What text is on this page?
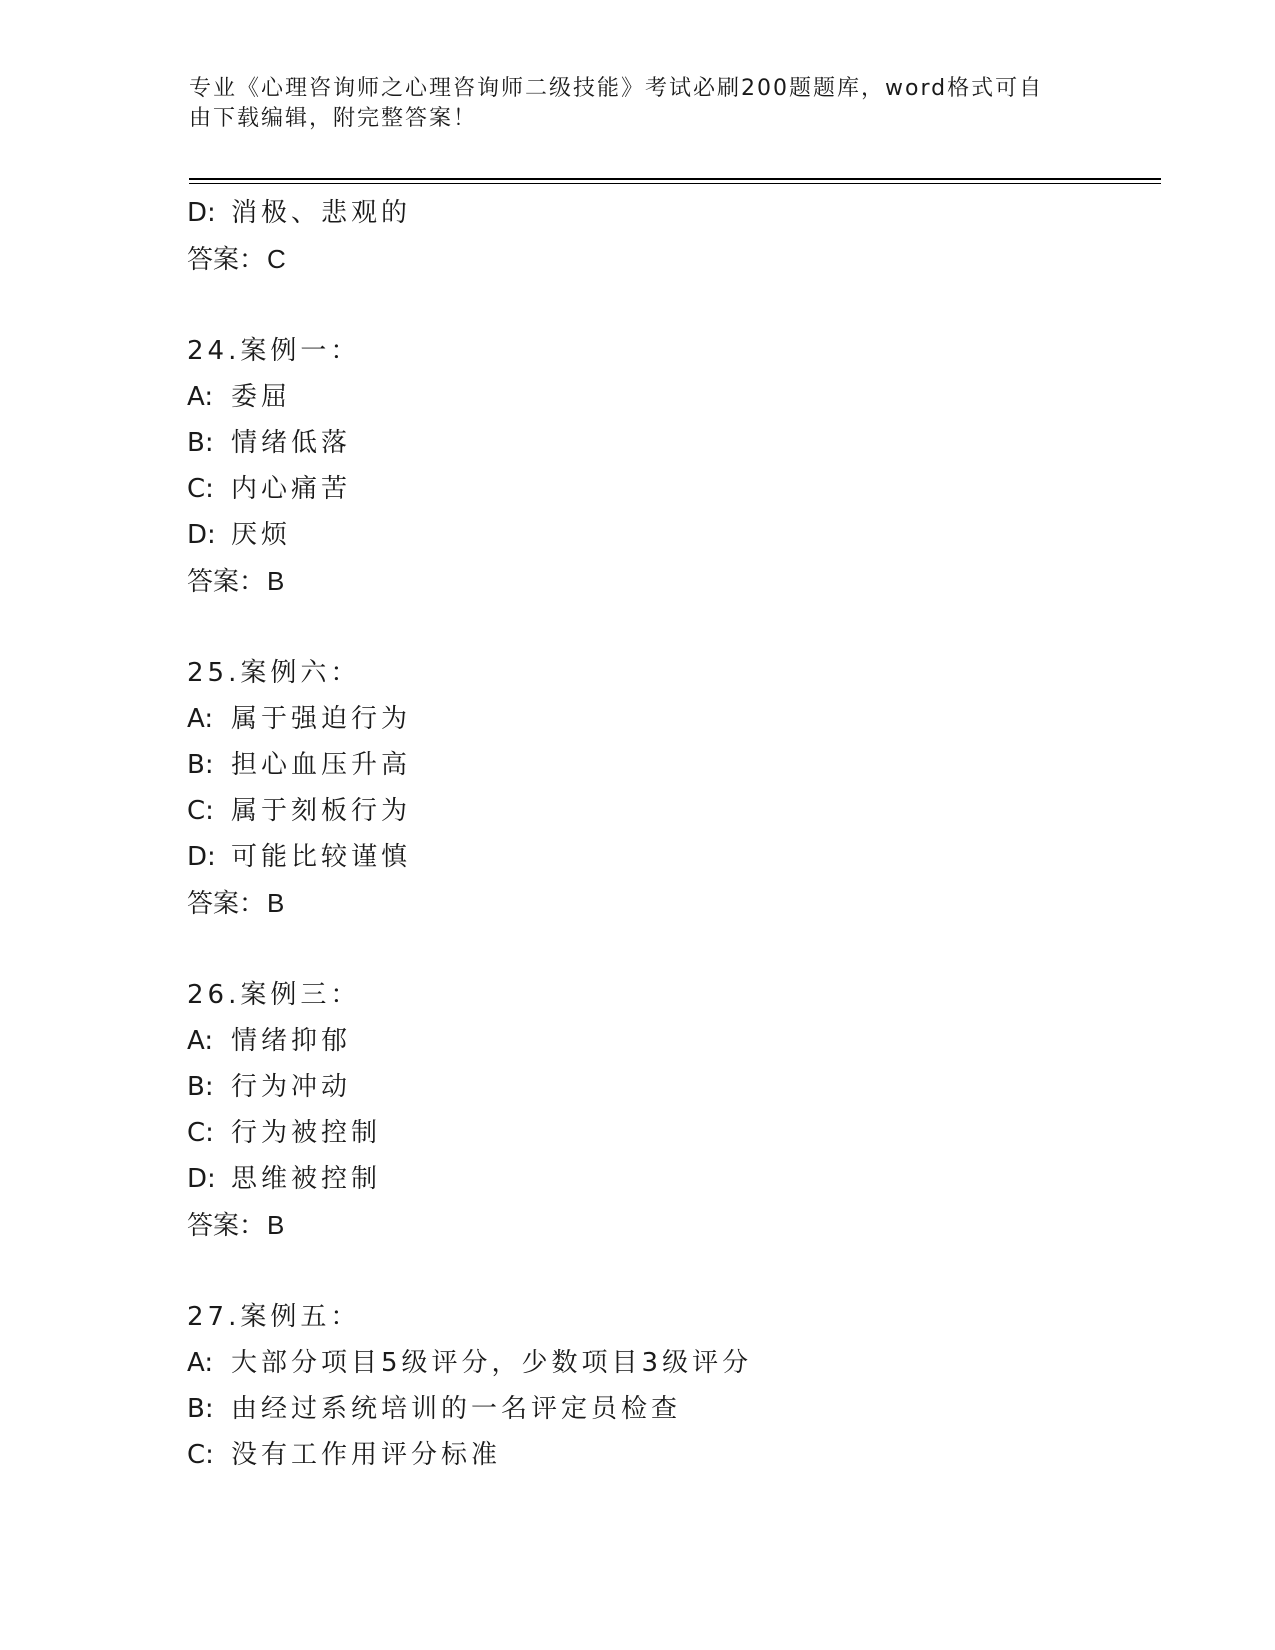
专业《心理咨询师之心理咨询师二级技能》考试必刷200题题库，word格式可自
由下载编辑，附完整答案！
D: 消极、悲观的
答案：C
24.案例一：
A: 委屈
B: 情绪低落
C: 内心痛苦
D: 厌烦
答案：B
25.案例六：
A: 属于强迫行为
B: 担心血压升高
C: 属于刻板行为
D: 可能比较谨慎
答案：B
26.案例三：
A: 情绪抑郁
B: 行为冲动
C: 行为被控制
D: 思维被控制
答案：B
27.案例五：
A: 大部分项目5级评分，少数项目3级评分
B: 由经过系统培训的一名评定员检查
C: 没有工作用评分标准
